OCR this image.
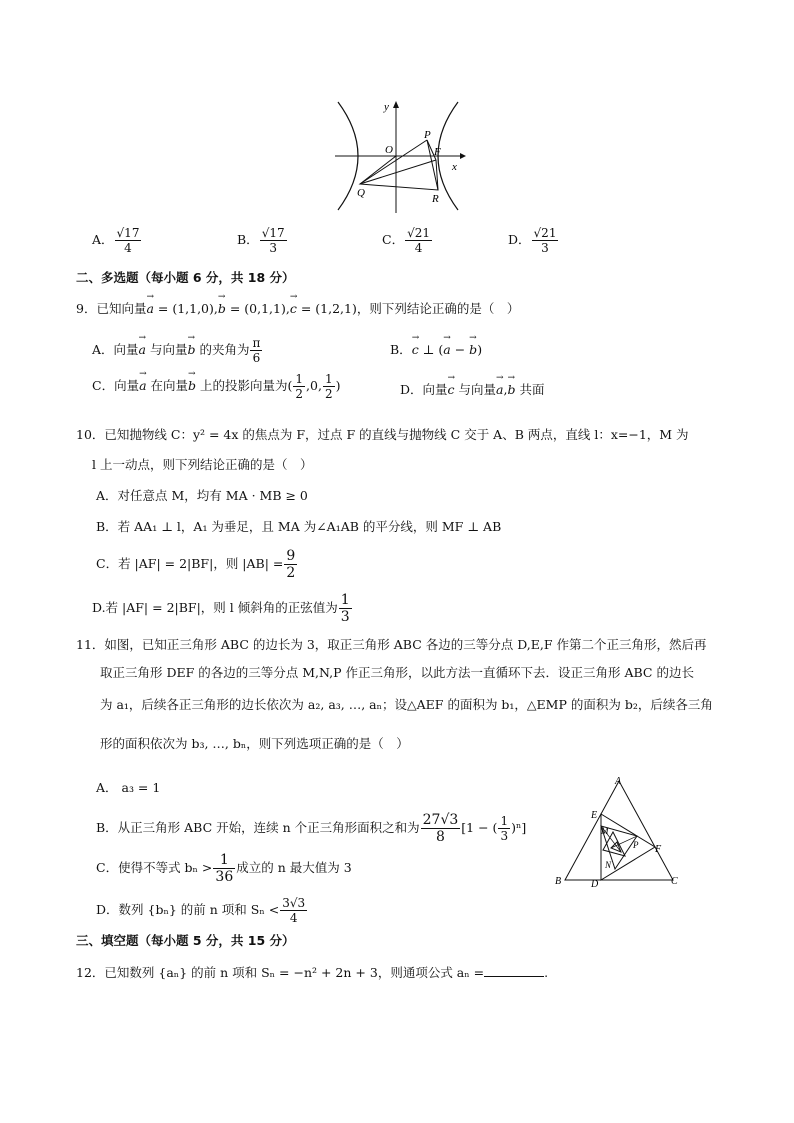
y
O
P
F
x
Q	R
A． $\frac{√17}{4}$	B． $\frac{√17}{3}$	C． $\frac{√21}{4}$	D． $\frac{√21}{3}$
二、多选题（每小题 6 分，共 18 分）
9．已知向量→ a = (1,1,0),→ b = (0,1,1),→ c = (1,2,1)，则下列结论正确的是（　）
A．向量→ a 与向量→ b 的夹角为 $\frac{\pi}{6}$	B．→ c ⊥ (→ a − → b)
C．向量→ a 在向量→ b 上的投影向量为( $\frac{1}{2} ,0$, $\frac{1}{2}$ )	D．向量→ c 与向量→ a,→ b 共面
10．已知抛物线 C：y² = 4x 的焦点为 F，过点 F 的直线与抛物线 C 交于 A、B 两点，直线 l：x=−1，M 为
l 上一动点，则下列结论正确的是（　）
A．对任意点 M，均有 MA · MB ≥ 0
B．若 AA₁ ⊥ l，A₁ 为垂足，且 MA 为∠A₁AB 的平分线，则 MF ⊥ AB
C．若 |AF| = 2|BF|，则 $|AB| = \frac{9}{2}$
D.若 |AF| = 2|BF|，则 l 倾斜角的正弦值为 $\frac{1}{3}$
11．如图，已知正三角形 ABC 的边长为 3，取正三角形 ABC 各边的三等分点 D,E,F 作第二个正三角形，然后再
取正三角形 DEF 的各边的三等分点 M,N,P 作正三角形，以此方法一直循环下去．设正三角形 ABC 的边长
为 a₁，后续各正三角形的边长依次为 a₂, a₃, …, aₙ；设△AEF 的面积为 b₁，△EMP 的面积为 b₂，后续各三角
形的面积依次为 b₃, …, bₙ，则下列选项正确的是（　）
A． a₃ = 1
B．从正三角形 ABC 开始，连续 n 个正三角形面积之和为 $\frac{27√3}{8} [1$ − ( $\frac{1}{3} )^n$]
C．使得不等式 $b_n > \frac{1}{36}$ 成立的 n 最大值为 3
D．数列 {bₙ} 的前 n 项和 $S_n < \frac{3√3}{4}$
A
B	C
D
E
F
M
N
P
三、填空题（每小题 5 分，共 15 分）
12．已知数列 {aₙ} 的前 n 项和 Sₙ = −n² + 2n + 3，则通项公式 aₙ =	.
